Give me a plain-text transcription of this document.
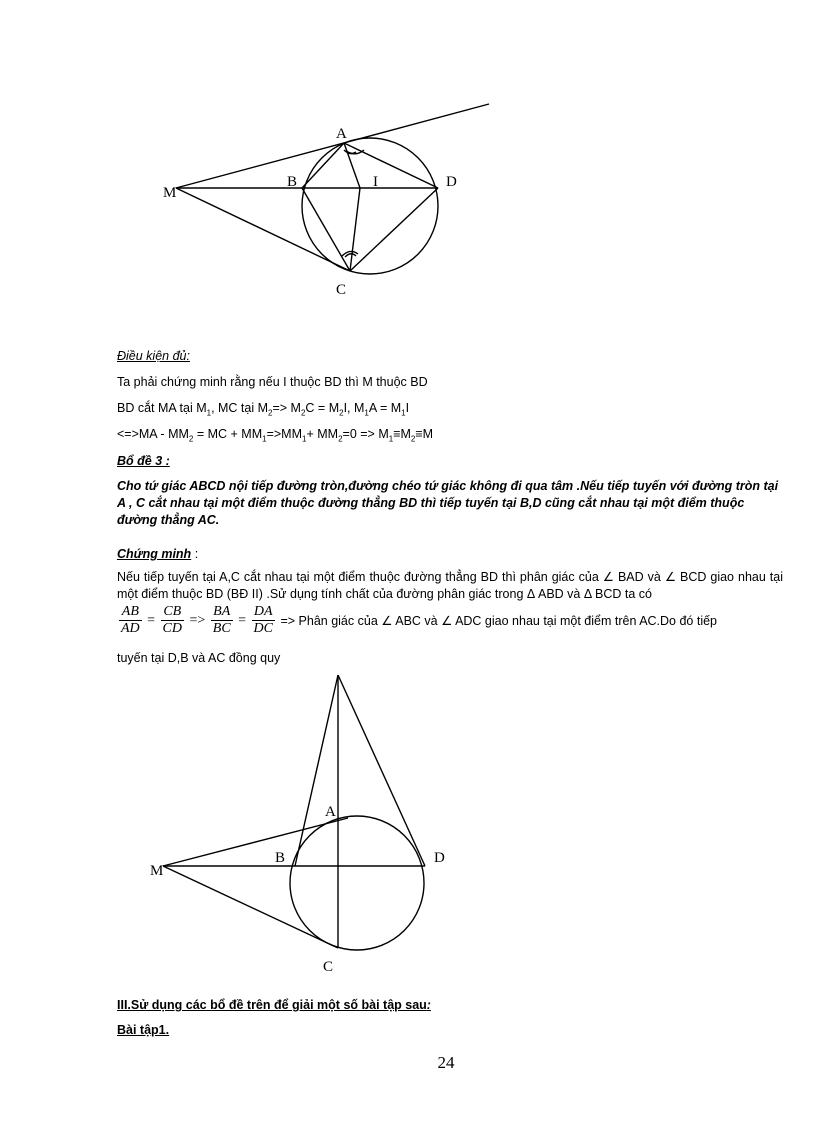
A
B	I	D
M
C
Điều kiện đủ:
Ta phải chứng minh rằng nếu I thuộc BD thì M thuộc BD
BD cắt MA tại $M_1$, MC tại $M_2=> M_2C = M_2I$, $M_1A = M_1I$
$<=>MA - MM_2$ = MC + $MM_1=>MM_1+ MM_2=0 => M_1\equiv M_2\equiv M$
Bổ đề 3 :
Cho tứ giác ABCD nội tiếp đường tròn,đường chéo tứ giác không đi qua tâm .Nếu tiếp tuyến với đường tròn tại A , C cắt nhau tại một điểm thuộc đường thẳng BD thì tiếp tuyến tại B,D cũng cắt nhau tại một điểm thuộc đường thẳng AC.
Chứng minh :
Nếu tiếp tuyến tại A,C cắt nhau tại một điểm thuộc đường thẳng BD thì phân giác của ∠ BAD và ∠ BCD giao nhau tại một điểm thuộc BD (BĐ II) .Sử dụng tính chất của đường phân giác trong Δ ABD và Δ BCD ta có
$\frac{AB}{AD} = \frac{CB}{CD} => \frac{BA}{BC} = \frac{DA}{DC}$ => Phân giác của ∠ ABC và ∠ ADC giao nhau tại một điểm trên AC.Do đó tiếp
tuyến tại D,B và AC đồng quy
A
B	D
M
C
III.Sử dụng các bổ đề trên để giải một số bài tập sau:
Bài tập1.
24
